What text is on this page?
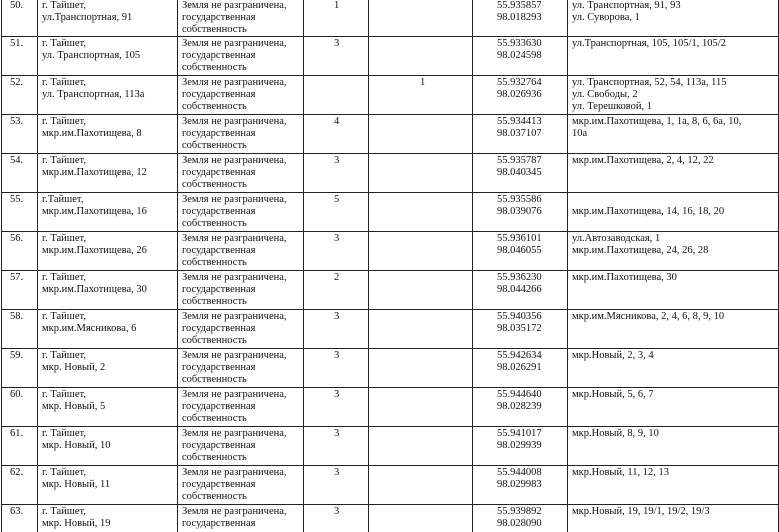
50.	г. Тайшет,
ул.Транспортная, 91	Земля не разграничена,
государственная
собственность	1		55.935857
98.018293	ул. Транспортная, 91, 93
ул. Суворова, 1

51.	г. Тайшет,
ул. Транспортная, 105	Земля не разграничена,
государственная
собственность	3		55.933630
98.024598	ул.Транспортная, 105, 105/1, 105/2

52.	г. Тайшет,
ул. Транспортная, 113а	Земля не разграничена,
государственная
собственность		1	55.932764
98.026936	ул. Транспортная, 52, 54, 113а, 115
ул. Свободы, 2
ул. Терешковой, 1

53.	г. Тайшет,
мкр.им.Пахотищева, 8	Земля не разграничена,
государственная
собственность	4		55.934413
98.037107	мкр.им.Пахотищева, 1, 1а, 8, 6, 6а, 10,
10а

54.	г. Тайшет,
мкр.им.Пахотищева, 12	Земля не разграничена,
государственная
собственность	3		55.935787
98.040345	мкр.им.Пахотищева, 2, 4, 12, 22

55.	г.Тайшет,
мкр.им.Пахотищева, 16	Земля не разграничена,
государственная
собственность	5		55.935586
98.039076	мкр.им.Пахотищева, 14, 16, 18, 20

56.	г. Тайшет,
мкр.им.Пахотищева, 26	Земля не разграничена,
государственная
собственность	3		55.936101
98.046055	ул.Автозаводская, 1
мкр.им.Пахотищева, 24, 26, 28

57.	г. Тайшет,
мкр.им.Пахотищева, 30	Земля не разграничена,
государственная
собственность	2		55.936230
98.044266	мкр.им.Пахотищева, 30

58.	г. Тайшет,
мкр.им.Мясникова, 6	Земля не разграничена,
государственная
собственность	3		55.940356
98.035172	мкр.им.Мясникова, 2, 4, 6, 8, 9, 10

59.	г. Тайшет,
мкр. Новый, 2	Земля не разграничена,
государственная
собственность	3		55.942634
98.026291	мкр.Новый, 2, 3, 4

60.	г. Тайшет,
мкр. Новый, 5	Земля не разграничена,
государственная
собственность	3		55.944640
98.028239	мкр.Новый, 5, 6, 7

61.	г. Тайшет,
мкр. Новый, 10	Земля не разграничена,
государственная
собственность	3		55.941017
98.029939	мкр.Новый, 8, 9, 10

62.	г. Тайшет,
мкр. Новый, 11	Земля не разграничена,
государственная
собственность	3		55.944008
98.029983	мкр.Новый, 11, 12, 13

63.	г. Тайшет,
мкр. Новый, 19	Земля не разграничена,
государственная	3		55.939892
98.028090	мкр.Новый, 19, 19/1, 19/2, 19/3
